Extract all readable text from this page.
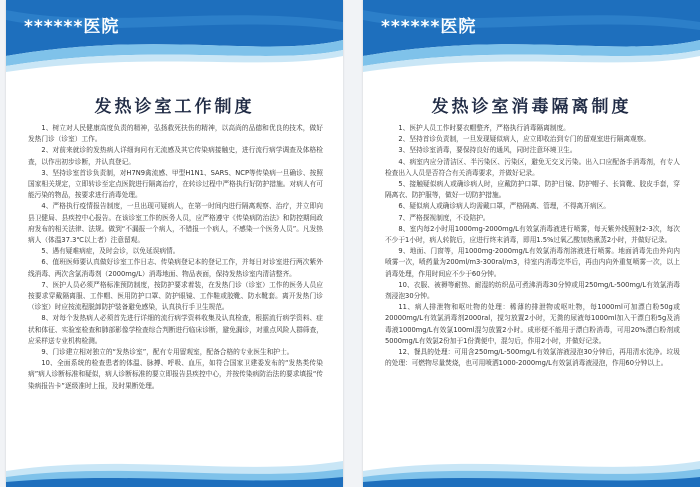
******医院
发热诊室工作制度

1、树立对人民健康高度负责的精神，弘扬救死扶伤的精神，以高尚的品德和优良的技术，做好发热门诊（诊室）工作。

2、对前来就诊的发热病人详细询问有无流感及其它传染病接触史，进行流行病学调查及体格检查，以作出初步诊断，并认真登记。

3、坚持诊室首诊负责制，对H7N9禽流感、甲型H1N1、SARS、NCP等传染病一旦确诊、按照国家相关规定，立即转诊至定点医院进行隔离治疗，在转诊过程中严格执行好防护措施。对病人有可能污染的物品，按要求进行消毒处理。

4、严格执行疫情报告制度，一旦出现可疑病人，在第一时间内进行隔离观察、治疗，并立即向县卫健局、县疾控中心报告。在该诊室工作的医务人员，应严格遵守《传染病防治法》和防控期间政府发布的相关法律、法规。做到“不漏报一个病人，不错报一个病人，不感染一个医务人员”。凡发热病人（体温37.3℃以上者）注意留观。

5、遇有疑难病症，及时会诊，以免延误病情。

6、值班医师要认真做好诊室工作日志、传染病登记本的登记工作，并每日对诊室进行两次紫外线消毒、两次含氯消毒剂（2000mg/L）消毒地面、物品表面，保持发热诊室内清洁整齐。

7、医护人员必须严格标准预防制度，按防护要求着装，在发热门诊（诊室）工作的医务人员应按要求穿戴隔离服、工作帽、医用防护口罩、防护眼镜、工作鞋或胶靴、防水靴套。离开发热门诊（诊室）时应按流程脱卸防护装备避免感染，认真执行手卫生规范。

8、对每个发热病人必须首先进行详细的流行病学资料收集及认真检查，根据流行病学资料、症状和体征、实验室检查和肺部影像学检查综合判断进行临床诊断，避免漏诊，对重点风险人群筛查，应采样送专业机构检测。

9、门诊建立相对独立的“发热诊室”，配有专用留观室，配备合格的专业医生和护士。

10、全面系统的检查患者的体温、脉搏、呼吸、血压，如符合国家卫建委发布的“发热类传染病”病人诊断标准和疑似，病人诊断标准的要立即报告县疾控中心，并按传染病防治法的要求填报“传染病报告卡”逐级准时上报，及时果断处理。

******医院
发热诊室消毒隔离制度

1、医护人员工作时要衣帽整齐，严格执行消毒隔离制度。

2、坚持首诊负责制，一旦发现疑似病人，应立即收治到专门的留观室进行隔离观察。

3、坚持诊室消毒，要保持良好的通风，同时注意环境卫生。

4、病室内应分清洁区、半污染区、污染区，避免无交叉污染。出入口应配备手消毒剂，有专人检查出入人员是否符合有关消毒要求，并做好记录。

5、接触疑似病人或确诊病人时，应戴防护口罩、防护目镜、防护帽子、长筒靴、胶皮手套，穿隔离衣、防护服等，做好一切防护措施。

6、疑似病人或确诊病人均需戴口罩，严格隔离、管理，不得离开病区。

7、严格探视制度，不设陪护。

8、室内每2小时用1000mg-2000mg/L有效氯消毒液进行喷雾，每天紫外线照射2-3次，每次不少于1小时，病人转院后，应进行终末消毒，即用1.5%过氧乙酸加热熏蒸2小时，并做好记录。

9、地面、门窗等，用1000mg-2000mg/L有效氯消毒剂溶液进行喷雾。地面消毒先由外向内喷雾一次，喷药量为200ml/m3-300ral/m3，待室内消毒完毕后，再由内向外重复喷雾一次，以上消毒处理，作用时间应不少于60分钟。

10、衣服、被褥等耐热、耐湿的纺织品可煮沸消毒30分钟或用250mg/L-500mg/L有效氯消毒剂浸泡30分钟。

11、病人排泄物和呕吐物的处理：稀薄的排泄物或呕吐物，每1000ml可加漂白粉50g或20000mg/L有效氯消毒剂2000ral，搅匀放置2小时，无粪的尿液每1000ml加入干漂白粉5g及消毒液1000mg/L有效氯100ml混匀放置2小时。成形便不能用于漂白粉消毒，可用20%漂白粉剂或5000mg/L有效氯2份加于1份粪便中，混匀后，作用2小时，并做好记录。

12、餐具的处理：可用含250mg/L-500mg/L有效氯溶液浸泡30分钟后，再用清水洗净。垃圾的处理：可燃物尽量焚烧，也可用喷洒1000-2000mg/L有效氯消毒液浸泡，作用60分钟以上。
